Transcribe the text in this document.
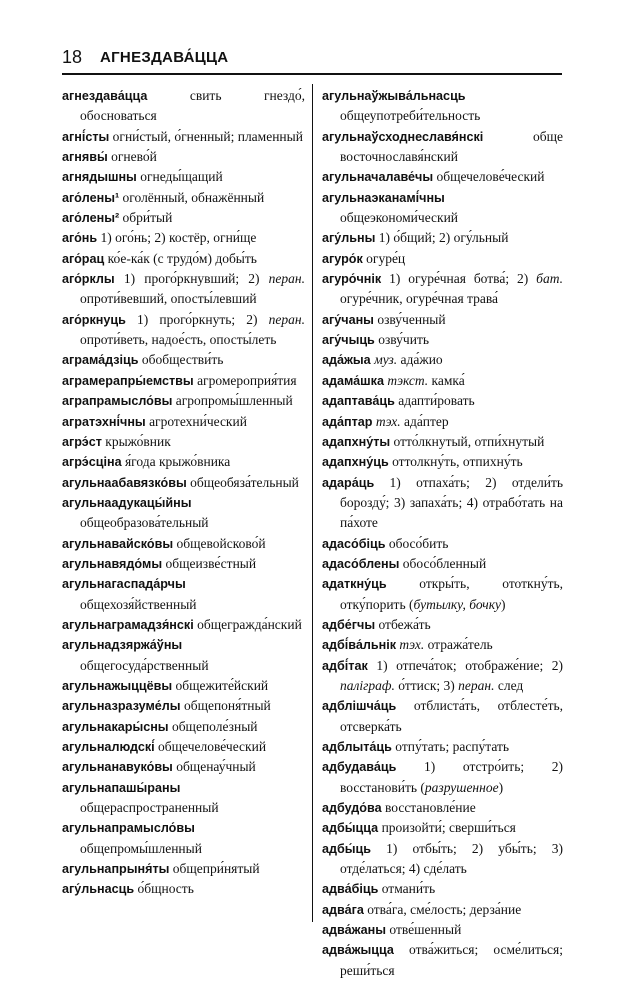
18 АГНЕЗДАВА́ЦЦА

агнездава́цца свить гнездо́, обосноваться

агні́сты огни́стый, о́гненный; пламенный

агнявы́ огнево́й

агнядышны огнеды́щащий

аго́лены¹ оголённый, обнажённый

аго́лены² обри́тый

аго́нь 1) ого́нь; 2) костёр, огни́ще

аго́рац ко́е-ка́к (с трудо́м) добы́ть

аго́рклы 1) прого́ркнувший; 2) перан. опроти́вевший, опосты́левший

аго́ркнуць 1) прого́ркнуть; 2) перан. опроти́веть, надое́сть, опосты́леть

аграма́дзіць обобществи́ть

аграмерапры́емствы агромероприя́тия

аграпрамысло́вы агропромы́шленный

агратэхні́чны агротехни́ческий

агрэ́ст крыжо́вник

агрэ́сціна я́года крыжо́вника

агульнаабавязко́вы общеобяза́тельный

агульнаадукацы́йны общеобразова́тельный

агульнавайско́вы общевойсково́й

агульнавядо́мы общеизве́стный

агульнагаспада́рчы общехозя́йственный

агульнаграмадзя́нскі общегражда́нский

агульнадзяржа́ўны общегосуда́рственный

агульнажыццёвы общежите́йский

агульназразуме́лы общепоня́тный

агульнакары́сны общеполе́зный

агульналюдскі́ общечелове́ческий

агульнанавуко́вы общенау́чный

агульнапашы́раны общераспространенный

агульнапрамысло́вы общепромы́шленный

агульнапрыня́ты общепри́нятый

агу́льнасць о́бщность

агульнаўжыва́льнасць общеупотреби́тельность

агульнаўсходнеславя́нскі обще восточнославя́нский

агульначалаве́чы общечелове́ческий

агульнаэканамі́чны общеэкономи́ческий

агу́льны 1) о́бщий; 2) огу́льный

агуро́к огуре́ц

агуро́чнік 1) огуре́чная ботва́; 2) бат. огуре́чник, огуре́чная трава́

агу́чаны озву́ченный

агу́чыць озву́чить

ада́жыа муз. ада́жио

адама́шка тэкст. камка́

адаптава́ць адапти́ровать

ада́птар тэх. ада́птер

адапхну́ты отто́лкнутый, отпи́хнутый

адапхну́ць оттолкну́ть, отпихну́ть

адара́ць 1) отпаха́ть; 2) отдели́ть борозду́; 3) запаха́ть; 4) отрабо́тать на па́хоте

адасо́біць обосо́бить

адасо́блены обосо́бленный

адаткну́ць откры́ть, ототкну́ть, отку́порить (бутылку, бочку)

адбе́гчы отбежа́ть

адбі́ва́льнік тэх. отража́тель

адбі́так 1) отпеча́ток; отображе́ние; 2) паліграф. о́ттиск; 3) перан. след

адблішча́ць отблиста́ть, отблесте́ть, отсверка́ть

адблыта́ць отпу́тать; распу́тать

адбудава́ць 1) отстро́ить; 2) восстанови́ть (разрушенное)

адбудо́ва восстановле́ние

адбы́цца произойти́; сверши́ться

адбы́ць 1) отбы́ть; 2) убы́ть; 3) отде́латься; 4) сде́лать

адва́біць отмани́ть

адва́га отва́га, сме́лость; дерза́ние

адва́жаны отве́шенный

адва́жыцца отва́житься; осме́литься; реши́ться
